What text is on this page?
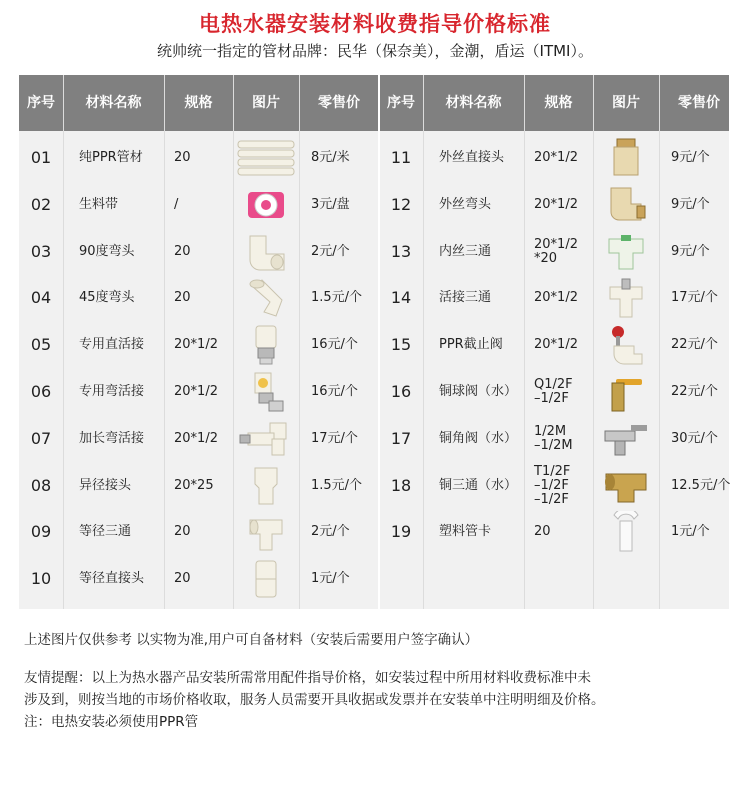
电热水器安装材料收费指导价格标准
统帅统一指定的管材品牌：民华（保奈美），金潮，盾运（ITMI）。
序号	材料名称	规格	图片	零售价	序号	材料名称	规格	图片	零售价
01	纯PPR管材	20	8元/米
02	生料带	/	3元/盘
03	90度弯头	20	2元/个
04	45度弯头	20	1.5元/个
05	专用直活接	20*1/2	16元/个
06	专用弯活接	20*1/2	16元/个
07	加长弯活接	20*1/2	17元/个
08	异径接头	20*25	1.5元/个
09	等径三通	20	2元/个
10	等径直接头	20	1元/个
11	外丝直接头	20*1/2	9元/个
12	外丝弯头	20*1/2	9元/个
13	内丝三通	20*1/2
*20	9元/个
14	活接三通	20*1/2	17元/个
15	PPR截止阀	20*1/2	22元/个
16	铜球阀（水）	Q1/2F
–1/2F	22元/个
17	铜角阀（水）	1/2M
–1/2M	30元/个
18	铜三通（水）
T1/2F
–1/2F
–1/2F
12.5元/个
19	塑料管卡	20	1元/个
上述图片仅供参考 以实物为准,用户可自备材料（安装后需要用户签字确认）
友情提醒：以上为热水器产品安装所需常用配件指导价格，如安装过程中所用材料收费标准中未
涉及到，则按当地的市场价格收取，服务人员需要开具收据或发票并在安装单中注明明细及价格。
注：电热安装必须使用PPR管
